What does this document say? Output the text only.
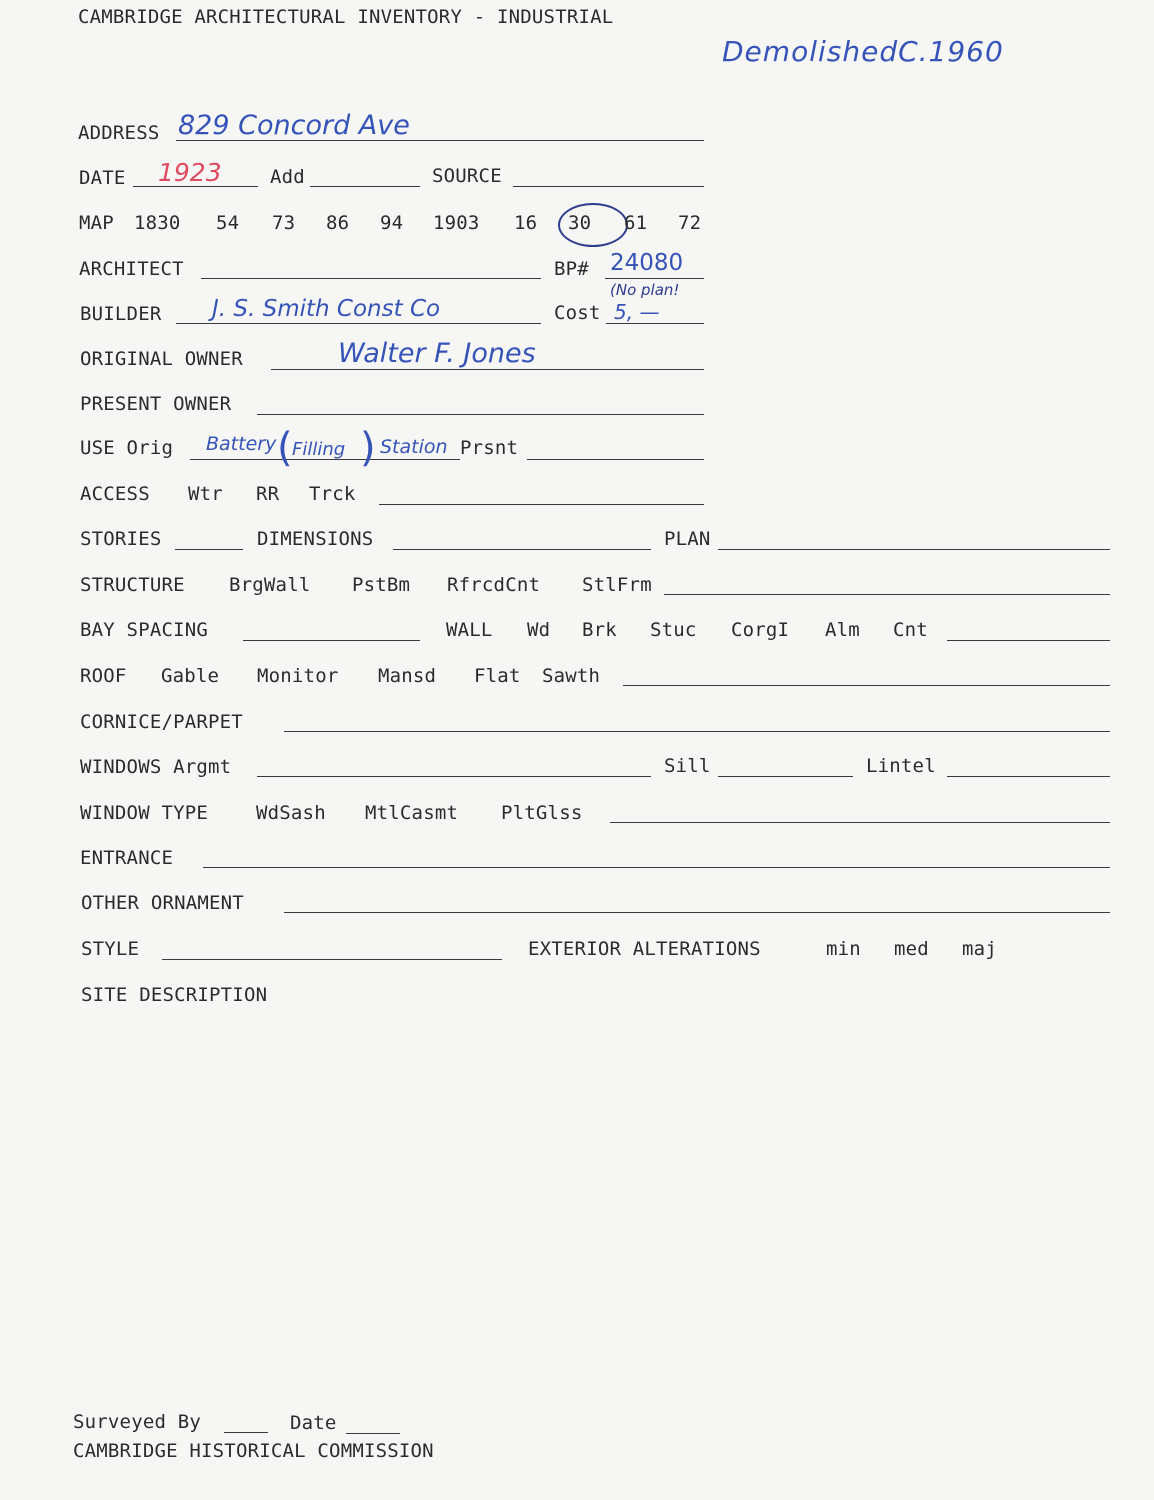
CAMBRIDGE ARCHITECTURAL INVENTORY - INDUSTRIAL
DemolishedC.1960
ADDRESS 829 Concord Ave
DATE 1923	Add	SOURCE
MAP 1830 54 73 86 94 1903 16 30 61 72
ARCHITECT	BP# 24080
(No plan!
BUILDER J. S. Smith Const Co	Cost 5, —
ORIGINAL OWNER	Walter F. Jones
PRESENT OWNER
USE Orig Battery ( Filling ) Station Prsnt
ACCESS Wtr RR Trck
STORIES	DIMENSIONS	PLAN
STRUCTURE BrgWall PstBm RfrcdCnt StlFrm
BAY SPACING	WALL Wd Brk Stuc CorgI Alm Cnt
ROOF Gable Monitor Mansd Flat Sawth
CORNICE/PARPET
WINDOWS Argmt	Sill	Lintel
WINDOW TYPE	WdSash MtlCasmt PltGlss
ENTRANCE
OTHER ORNAMENT
STYLE	EXTERIOR ALTERATIONS	min med maj
SITE DESCRIPTION
Surveyed By	Date
CAMBRIDGE HISTORICAL COMMISSION
